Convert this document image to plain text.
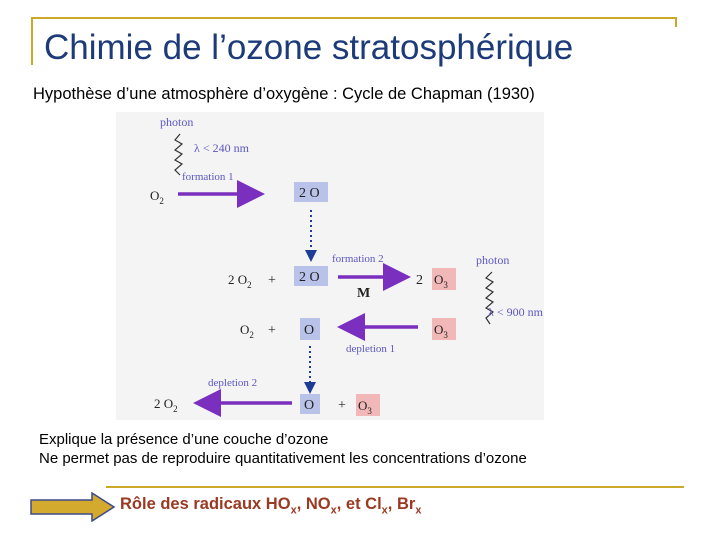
Chimie de l’ozone stratosphérique
Hypothèse d’une atmosphère d’oxygène : Cycle de Chapman (1930)
photon
λ < 240 nm
formation 1
$O_2$	2 O
formation 2
2 $O_2 + 2$ O
M
2 $O_3$
photon
λ < 900 nm
$O_2 + O$	$O_3$
depletion 1
depletion 2
2 $O_2$	$O + O_3$
Explique la présence d’une couche d’ozone
Ne permet pas de reproduire quantitativement les concentrations d’ozone
Rôle des radicaux $HO_x$, $NO_x$, et $Cl_x$, $Br_x$
